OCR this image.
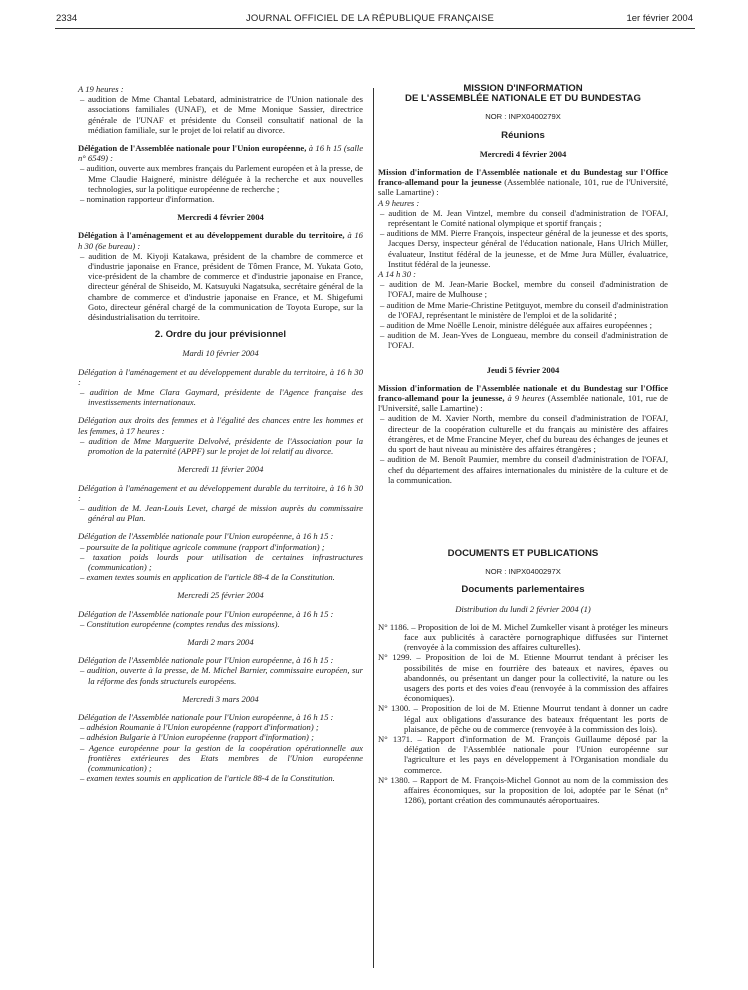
2334	JOURNAL OFFICIEL DE LA RÉPUBLIQUE FRANÇAISE	1er février 2004

A 19 heures :

– audition de Mme Chantal Lebatard, administratrice de l'Union nationale des associations familiales (UNAF), et de Mme Monique Sassier, directrice générale de l'UNAF et présidente du Conseil consultatif national de la médiation familiale, sur le projet de loi relatif au divorce.

Délégation de l'Assemblée nationale pour l'Union européenne, à 16 h 15 (salle n° 6549) :

– audition, ouverte aux membres français du Parlement européen et à la presse, de Mme Claudie Haigneré, ministre déléguée à la recherche et aux nouvelles technologies, sur la politique européenne de recherche ;

– nomination rapporteur d'information.

Mercredi 4 février 2004

Délégation à l'aménagement et au développement durable du territoire, à 16 h 30 (6e bureau) :

– audition de M. Kiyoji Katakawa, président de la chambre de commerce et d'industrie japonaise en France, président de Tômen France, M. Yukata Goto, vice-président de la chambre de commerce et d'industrie japonaise en France, directeur général de Shiseido, M. Katsuyuki Nagatsuka, secrétaire général de la chambre de commerce et d'industrie japonaise en France, et M. Shigefumi Goto, directeur général chargé de la communication de Toyota Europe, sur la désindustrialisation du territoire.

2. Ordre du jour prévisionnel

Mardi 10 février 2004

Délégation à l'aménagement et au développement durable du territoire, à 16 h 30 :

– audition de Mme Clara Gaymard, présidente de l'Agence française des investissements internationaux.

Délégation aux droits des femmes et à l'égalité des chances entre les hommes et les femmes, à 17 heures :

– audition de Mme Marguerite Delvolvé, présidente de l'Association pour la promotion de la paternité (APPF) sur le projet de loi relatif au divorce.

Mercredi 11 février 2004

Délégation à l'aménagement et au développement durable du territoire, à 16 h 30 :

– audition de M. Jean-Louis Levet, chargé de mission auprès du commissaire général au Plan.

Délégation de l'Assemblée nationale pour l'Union européenne, à 16 h 15 :

– poursuite de la politique agricole commune (rapport d'information) ;

– taxation poids lourds pour utilisation de certaines infrastructures (communication) ;

– examen textes soumis en application de l'article 88-4 de la Constitution.

Mercredi 25 février 2004

Délégation de l'Assemblée nationale pour l'Union européenne, à 16 h 15 :

– Constitution européenne (comptes rendus des missions).

Mardi 2 mars 2004

Délégation de l'Assemblée nationale pour l'Union européenne, à 16 h 15 :

– audition, ouverte à la presse, de M. Michel Barnier, commissaire européen, sur la réforme des fonds structurels européens.

Mercredi 3 mars 2004

Délégation de l'Assemblée nationale pour l'Union européenne, à 16 h 15 :

– adhésion Roumanie à l'Union européenne (rapport d'information) ;

– adhésion Bulgarie à l'Union européenne (rapport d'information) ;

– Agence européenne pour la gestion de la coopération opérationnelle aux frontières extérieures des Etats membres de l'Union européenne (communication) ;

– examen textes soumis en application de l'article 88-4 de la Constitution.

MISSION D'INFORMATION

DE L'ASSEMBLÉE NATIONALE ET DU BUNDESTAG

NOR : INPX0400279X

Réunions

Mercredi 4 février 2004

Mission d'information de l'Assemblée nationale et du Bundestag sur l'Office franco-allemand pour la jeunesse (Assemblée nationale, 101, rue de l'Université, salle Lamartine) :

A 9 heures :

– audition de M. Jean Vintzel, membre du conseil d'administration de l'OFAJ, représentant le Comité national olympique et sportif français ;

– auditions de MM. Pierre François, inspecteur général de la jeunesse et des sports, Jacques Dersy, inspecteur général de l'éducation nationale, Hans Ulrich Müller, évaluateur, Institut fédéral de la jeunesse, et de Mme Jura Müller, évaluatrice, Institut fédéral de la jeunesse.

A 14 h 30 :

– audition de M. Jean-Marie Bockel, membre du conseil d'administration de l'OFAJ, maire de Mulhouse ;

– audition de Mme Marie-Christine Petitguyot, membre du conseil d'administration de l'OFAJ, représentant le ministère de l'emploi et de la solidarité ;

– audition de Mme Noëlle Lenoir, ministre déléguée aux affaires européennes ;

– audition de M. Jean-Yves de Longueau, membre du conseil d'administration de l'OFAJ.

Jeudi 5 février 2004

Mission d'information de l'Assemblée nationale et du Bundestag sur l'Office franco-allemand pour la jeunesse, à 9 heures (Assemblée nationale, 101, rue de l'Université, salle Lamartine) :

– audition de M. Xavier North, membre du conseil d'administration de l'OFAJ, directeur de la coopération culturelle et du français au ministère des affaires étrangères, et de Mme Francine Meyer, chef du bureau des échanges de jeunes et du sport de haut niveau au ministère des affaires étrangères ;

– audition de M. Benoît Paumier, membre du conseil d'administration de l'OFAJ, chef du département des affaires internationales du ministère de la culture et de la communication.

DOCUMENTS ET PUBLICATIONS

NOR : INPX0400297X

Documents parlementaires

Distribution du lundi 2 février 2004 (1)

N° 1186. – Proposition de loi de M. Michel Zumkeller visant à protéger les mineurs face aux publicités à caractère pornographique diffusées sur l'internet (renvoyée à la commission des affaires culturelles).

N° 1299. – Proposition de loi de M. Etienne Mourrut tendant à préciser les possibilités de mise en fourrière des bateaux et navires, épaves ou abandonnés, ou présentant un danger pour la collectivité, la nature ou les usagers des ports et des voies d'eau (renvoyée à la commission des affaires économiques).

N° 1300. – Proposition de loi de M. Etienne Mourrut tendant à donner un cadre légal aux obligations d'assurance des bateaux fréquentant les ports de plaisance, de pêche ou de commerce (renvoyée à la commission des lois).

N° 1371. – Rapport d'information de M. François Guillaume déposé par la délégation de l'Assemblée nationale pour l'Union européenne sur l'agriculture et les pays en développement à l'Organisation mondiale du commerce.

N° 1380. – Rapport de M. François-Michel Gonnot au nom de la commission des affaires économiques, sur la proposition de loi, adoptée par le Sénat (n° 1286), portant création des communautés aéroportuaires.
